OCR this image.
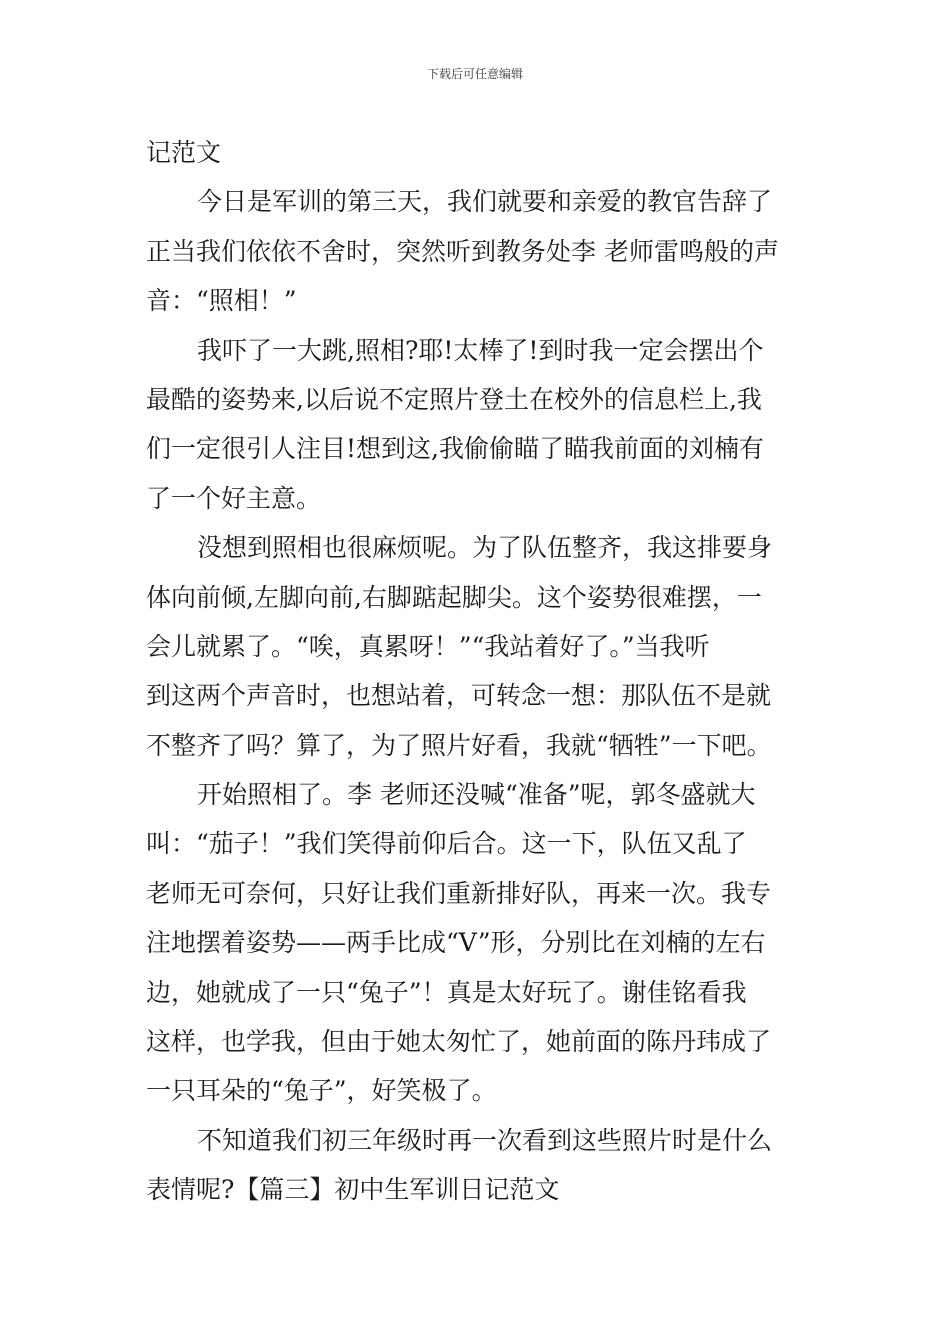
下载后可任意编辑
记范文
今日是军训的第三天，我们就要和亲爱的教官告辞了
正当我们依依不舍时，突然听到教务处李 老师雷鸣般的声
音：“照相！”
我吓了一大跳,照相?耶!太棒了!到时我一定会摆出个
最酷的姿势来,以后说不定照片登土在校外的信息栏上,我
们一定很引人注目!想到这,我偷偷瞄了瞄我前面的刘楠有
了一个好主意。
没想到照相也很麻烦呢。为了队伍整齐，我这排要身
体向前倾,左脚向前,右脚踮起脚尖。这个姿势很难摆，一
会儿就累了。“唉，真累呀！”“我站着好了。”当我听
到这两个声音时，也想站着，可转念一想：那队伍不是就
不整齐了吗？算了，为了照片好看，我就“牺牲”一下吧。
开始照相了。李 老师还没喊“准备”呢，郭冬盛就大
叫：“茄子！”我们笑得前仰后合。这一下，队伍又乱了
老师无可奈何，只好让我们重新排好队，再来一次。我专
注地摆着姿势——两手比成“V”形，分别比在刘楠的左右
边，她就成了一只“兔子”！真是太好玩了。谢佳铭看我
这样，也学我，但由于她太匆忙了，她前面的陈丹玮成了
一只耳朵的“兔子”，好笑极了。
不知道我们初三年级时再一次看到这些照片时是什么
表情呢?【篇三】初中生军训日记范文
